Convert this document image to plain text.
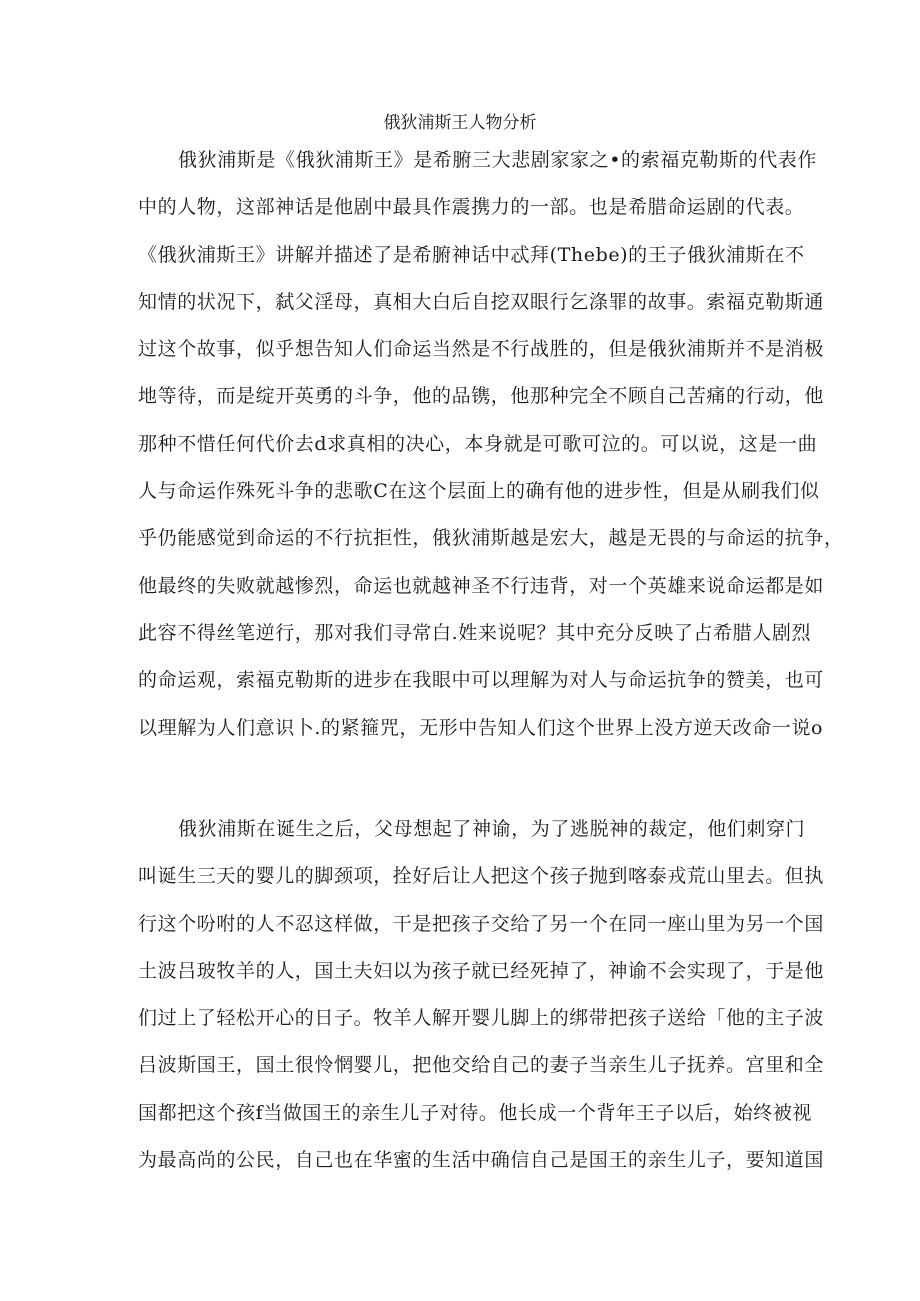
俄狄浦斯王人物分析
俄狄浦斯是《俄狄浦斯王》是希腑三大悲剧家家之•的索福克勒斯的代表作
中的人物，这部神话是他剧中最具作震携力的一部。也是希腊命运剧的代表。
《俄狄浦斯王》讲解并描述了是希腑神话中忒拜(Thebe)的王子俄狄浦斯在不
知情的状况下，弑父淫母，真相大白后自挖双眼行乞涤罪的故事。索福克勒斯通
过这个故事，似乎想告知人们命运当然是不行战胜的，但是俄狄浦斯并不是消极
地等待，而是绽开英勇的斗争，他的品镌，他那种完全不顾自己苦痛的行动，他
那种不惜任何代价去d求真相的决心，本身就是可歌可泣的。可以说，这是一曲
人与命运作殊死斗争的悲歌C在这个层面上的确有他的进步性，但是从刷我们似
乎仍能感觉到命运的不行抗拒性，俄狄浦斯越是宏大，越是无畏的与命运的抗争，
他最终的失败就越惨烈，命运也就越神圣不行违背，对一个英雄来说命运都是如
此容不得丝笔逆行，那对我们寻常白.姓来说呢？其中充分反映了占希腊人剧烈
的命运观，索福克勒斯的进步在我眼中可以理解为对人与命运抗争的赞美，也可
以理解为人们意识卜.的紧箍咒，无形中告知人们这个世界上没方逆天改命一说o
俄狄浦斯在诞生之后，父母想起了神谕，为了逃脱神的裁定，他们刺穿门
叫诞生三天的婴儿的脚颈项，拴好后让人把这个孩子抛到喀泰戎荒山里去。但执
行这个吩咐的人不忍这样做，干是把孩子交给了另一个在同一座山里为另一个国
土波吕玻牧羊的人，国土夫妇以为孩子就已经死掉了，神谕不会实现了，于是他
们过上了轻松开心的日子。牧羊人解开婴儿脚上的绑带把孩子送给「他的主子波
吕波斯国王，国土很怜惘婴儿，把他交给自己的妻子当亲生儿子抚养。宫里和全
国都把这个孩f当做国王的亲生儿子对待。他长成一个背年王子以后，始终被视
为最高尚的公民，自己也在华蜜的生活中确信自己是国王的亲生儿子，要知道国
